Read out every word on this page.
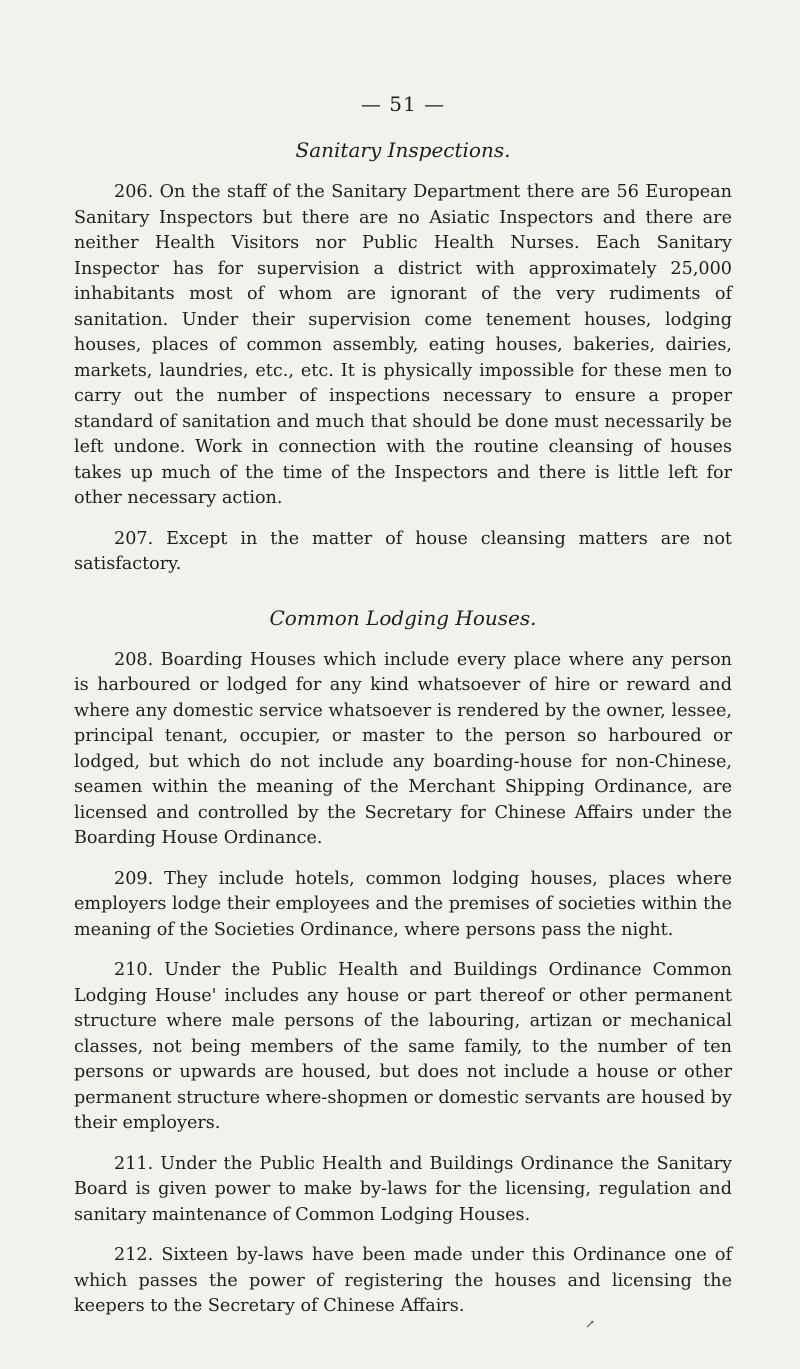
— 51 —
Sanitary Inspections.

206. On the staff of the Sanitary Department there are 56 European Sanitary Inspectors but there are no Asiatic Inspectors and there are neither Health Visitors nor Public Health Nurses. Each Sanitary Inspector has for supervision a district with approximately 25,000 inhabitants most of whom are ignorant of the very rudiments of sanitation. Under their supervision come tenement houses, lodging houses, places of common assembly, eating houses, bakeries, dairies, markets, laundries, etc., etc. It is physically impossible for these men to carry out the number of inspections necessary to ensure a proper standard of sanitation and much that should be done must necessarily be left undone. Work in connection with the routine cleansing of houses takes up much of the time of the Inspectors and there is little left for other necessary action.

207. Except in the matter of house cleansing matters are not satisfactory.

Common Lodging Houses.

208. Boarding Houses which include every place where any person is harboured or lodged for any kind whatsoever of hire or reward and where any domestic service whatsoever is rendered by the owner, lessee, principal tenant, occupier, or master to the person so harboured or lodged, but which do not include any boarding-house for non-Chinese, seamen within the meaning of the Merchant Shipping Ordinance, are licensed and controlled by the Secretary for Chinese Affairs under the Boarding House Ordinance.

209. They include hotels, common lodging houses, places where employers lodge their employees and the premises of societies within the meaning of the Societies Ordinance, where persons pass the night.

210. Under the Public Health and Buildings Ordinance Common Lodging House' includes any house or part thereof or other permanent structure where male persons of the labouring, artizan or mechanical classes, not being members of the same family, to the number of ten persons or upwards are housed, but does not include a house or other permanent structure where-shopmen or domestic servants are housed by their employers.

211. Under the Public Health and Buildings Ordinance the Sanitary Board is given power to make by-laws for the licensing, regulation and sanitary maintenance of Common Lodging Houses.

212. Sixteen by-laws have been made under this Ordinance one of which passes the power of registering the houses and licensing the keepers to the Secretary of Chinese Affairs.

↗
